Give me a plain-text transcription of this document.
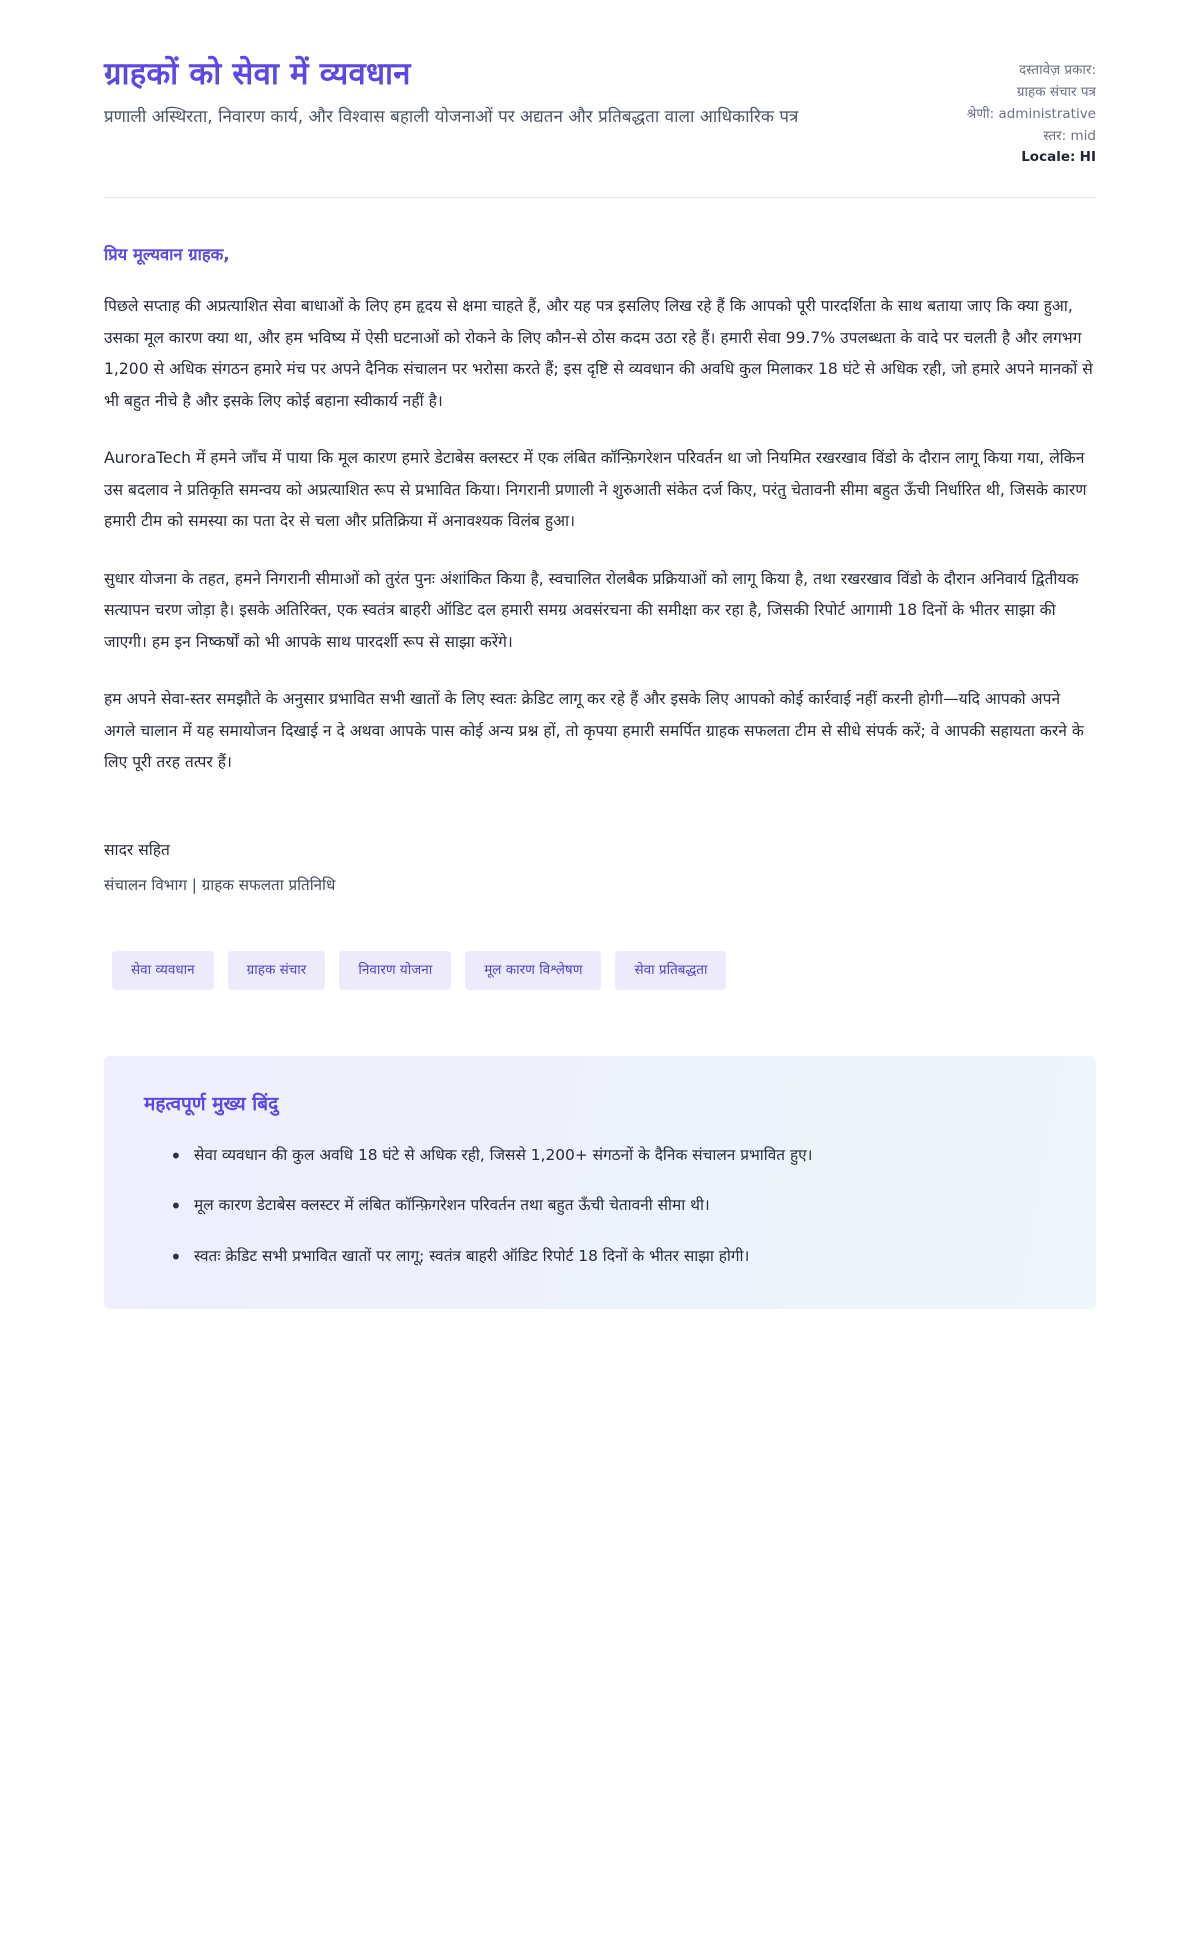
ग्राहकों को सेवा में व्यवधान

प्रणाली अस्थिरता, निवारण कार्य, और विश्वास बहाली योजनाओं पर अद्यतन और प्रतिबद्धता वाला आधिकारिक पत्र

दस्तावेज़ प्रकार:
ग्राहक संचार पत्र
श्रेणी: administrative
स्तर: mid
Locale: HI

प्रिय मूल्यवान ग्राहक,

पिछले सप्ताह की अप्रत्याशित सेवा बाधाओं के लिए हम हृदय से क्षमा चाहते हैं, और यह पत्र इसलिए लिख रहे हैं कि आपको पूरी पारदर्शिता के साथ बताया जाए कि क्या हुआ, उसका मूल कारण क्या था, और हम भविष्य में ऐसी घटनाओं को रोकने के लिए कौन-से ठोस कदम उठा रहे हैं। हमारी सेवा 99.7% उपलब्धता के वादे पर चलती है और लगभग 1,200 से अधिक संगठन हमारे मंच पर अपने दैनिक संचालन पर भरोसा करते हैं; इस दृष्टि से व्यवधान की अवधि कुल मिलाकर 18 घंटे से अधिक रही, जो हमारे अपने मानकों से भी बहुत नीचे है और इसके लिए कोई बहाना स्वीकार्य नहीं है।

AuroraTech में हमने जाँच में पाया कि मूल कारण हमारे डेटाबेस क्लस्टर में एक लंबित कॉन्फ़िगरेशन परिवर्तन था जो नियमित रखरखाव विंडो के दौरान लागू किया गया, लेकिन उस बदलाव ने प्रतिकृति समन्वय को अप्रत्याशित रूप से प्रभावित किया। निगरानी प्रणाली ने शुरुआती संकेत दर्ज किए, परंतु चेतावनी सीमा बहुत ऊँची निर्धारित थी, जिसके कारण हमारी टीम को समस्या का पता देर से चला और प्रतिक्रिया में अनावश्यक विलंब हुआ।

सुधार योजना के तहत, हमने निगरानी सीमाओं को तुरंत पुनः अंशांकित किया है, स्वचालित रोलबैक प्रक्रियाओं को लागू किया है, तथा रखरखाव विंडो के दौरान अनिवार्य द्वितीयक सत्यापन चरण जोड़ा है। इसके अतिरिक्त, एक स्वतंत्र बाहरी ऑडिट दल हमारी समग्र अवसंरचना की समीक्षा कर रहा है, जिसकी रिपोर्ट आगामी 18 दिनों के भीतर साझा की जाएगी। हम इन निष्कर्षों को भी आपके साथ पारदर्शी रूप से साझा करेंगे।

हम अपने सेवा-स्तर समझौते के अनुसार प्रभावित सभी खातों के लिए स्वतः क्रेडिट लागू कर रहे हैं और इसके लिए आपको कोई कार्रवाई नहीं करनी होगी—यदि आपको अपने अगले चालान में यह समायोजन दिखाई न दे अथवा आपके पास कोई अन्य प्रश्न हों, तो कृपया हमारी समर्पित ग्राहक सफलता टीम से सीधे संपर्क करें; वे आपकी सहायता करने के लिए पूरी तरह तत्पर हैं।

सादर सहित

संचालन विभाग | ग्राहक सफलता प्रतिनिधि

सेवा व्यवधान	ग्राहक संचार	निवारण योजना	मूल कारण विश्लेषण	सेवा प्रतिबद्धता
महत्वपूर्ण मुख्य बिंदु
• सेवा व्यवधान की कुल अवधि 18 घंटे से अधिक रही, जिससे 1,200+ संगठनों के दैनिक संचालन प्रभावित हुए।
• मूल कारण डेटाबेस क्लस्टर में लंबित कॉन्फ़िगरेशन परिवर्तन तथा बहुत ऊँची चेतावनी सीमा थी।
• स्वतः क्रेडिट सभी प्रभावित खातों पर लागू; स्वतंत्र बाहरी ऑडिट रिपोर्ट 18 दिनों के भीतर साझा होगी।
